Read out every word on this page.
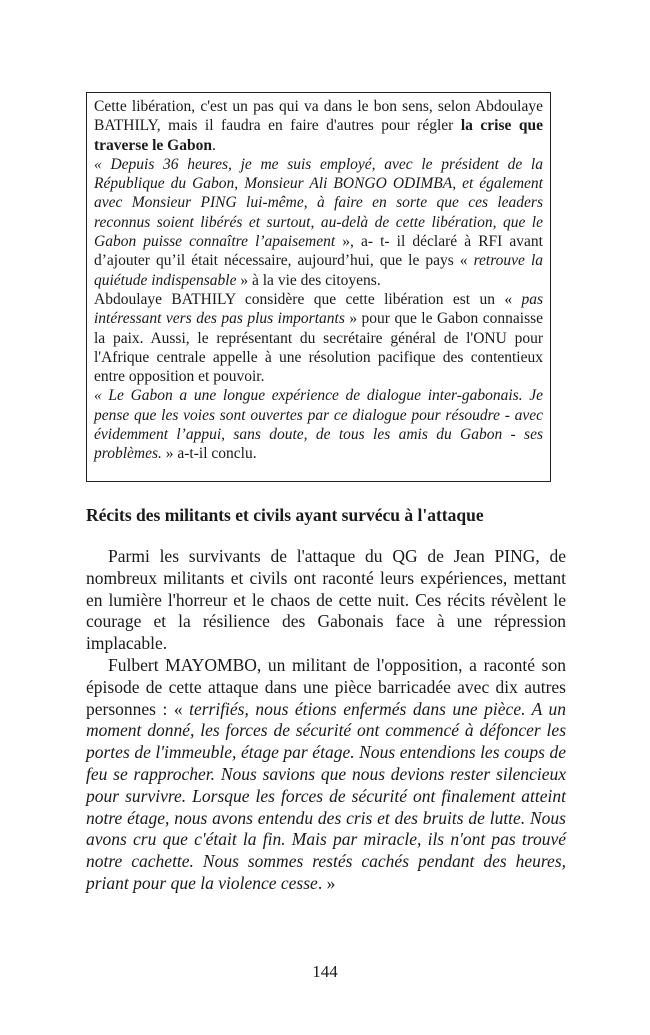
Cette libération, c'est un pas qui va dans le bon sens, selon Abdoulaye BATHILY, mais il faudra en faire d'autres pour régler la crise que traverse le Gabon.

« Depuis 36 heures, je me suis employé, avec le président de la République du Gabon, Monsieur Ali BONGO ODIMBA, et également avec Monsieur PING lui-même, à faire en sorte que ces leaders reconnus soient libérés et surtout, au-delà de cette libération, que le Gabon puisse connaître l’apaisement », a- t- il déclaré à RFI avant d’ajouter qu’il était nécessaire, aujourd’hui, que le pays « retrouve la quiétude indispensable » à la vie des citoyens.

Abdoulaye BATHILY considère que cette libération est un « pas intéressant vers des pas plus importants » pour que le Gabon connaisse la paix. Aussi, le représentant du secrétaire général de l'ONU pour l'Afrique centrale appelle à une résolution pacifique des contentieux entre opposition et pouvoir.

« Le Gabon a une longue expérience de dialogue inter-gabonais. Je pense que les voies sont ouvertes par ce dialogue pour résoudre - avec évidemment l’appui, sans doute, de tous les amis du Gabon - ses problèmes. » a-t-il conclu.

Récits des militants et civils ayant survécu à l'attaque

Parmi les survivants de l'attaque du QG de Jean PING, de nombreux militants et civils ont raconté leurs expériences, mettant en lumière l'horreur et le chaos de cette nuit. Ces récits révèlent le courage et la résilience des Gabonais face à une répression implacable.

Fulbert MAYOMBO, un militant de l'opposition, a raconté son épisode de cette attaque dans une pièce barricadée avec dix autres personnes : « terrifiés, nous étions enfermés dans une pièce. A un moment donné, les forces de sécurité ont commencé à défoncer les portes de l'immeuble, étage par étage. Nous entendions les coups de feu se rapprocher. Nous savions que nous devions rester silencieux pour survivre. Lorsque les forces de sécurité ont finalement atteint notre étage, nous avons entendu des cris et des bruits de lutte. Nous avons cru que c'était la fin. Mais par miracle, ils n'ont pas trouvé notre cachette. Nous sommes restés cachés pendant des heures, priant pour que la violence cesse. »

144
